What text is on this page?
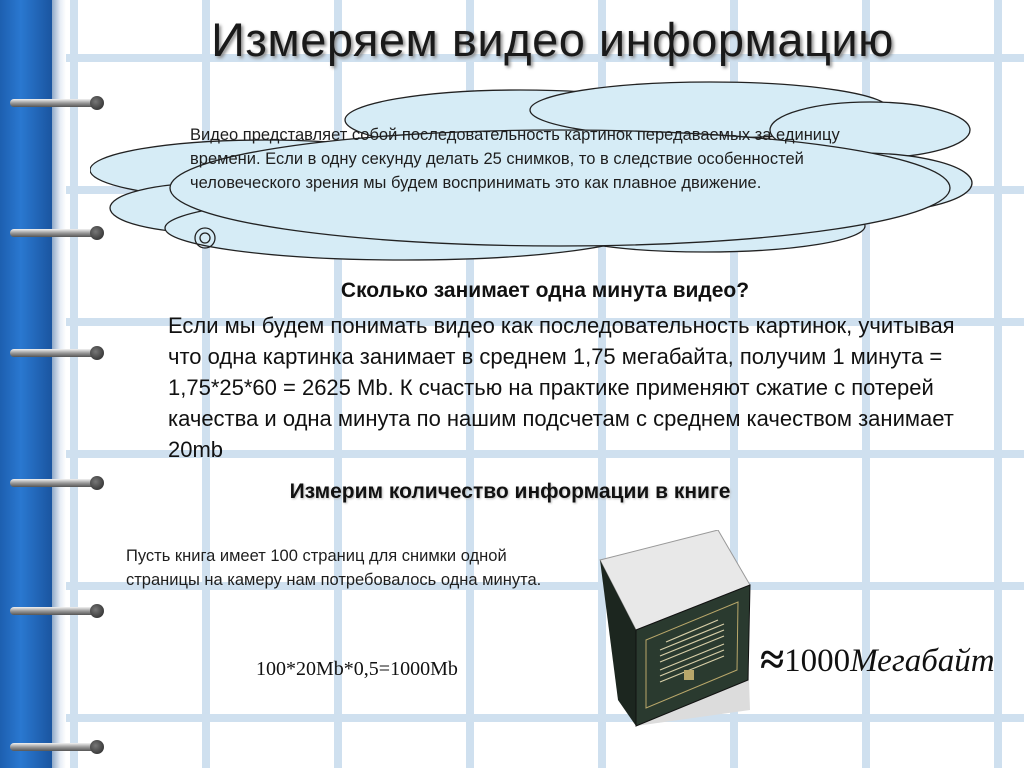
Измеряем видео информацию
Видео представляет собой последовательность картинок передаваемых за единицу времени. Если в одну секунду делать 25 снимков, то в следствие особенностей человеческого зрения мы будем воспринимать это как плавное движение.
Сколько занимает одна минута видео?
Если мы будем понимать видео как последовательность картинок, учитывая что одна картинка занимает в среднем 1,75 мегабайта, получим 1 минута = 1,75*25*60 = 2625 Mb. К счастью на практике применяют сжатие с потерей качества и одна минута по нашим подсчетам с среднем качеством занимает 20mb
Измерим количество информации в книге
Пусть книга имеет 100 страниц для снимки одной страницы на камеру нам потребовалось одна минута.
100*20Mb*0,5=1000Mb	≈1000Мегабайт
